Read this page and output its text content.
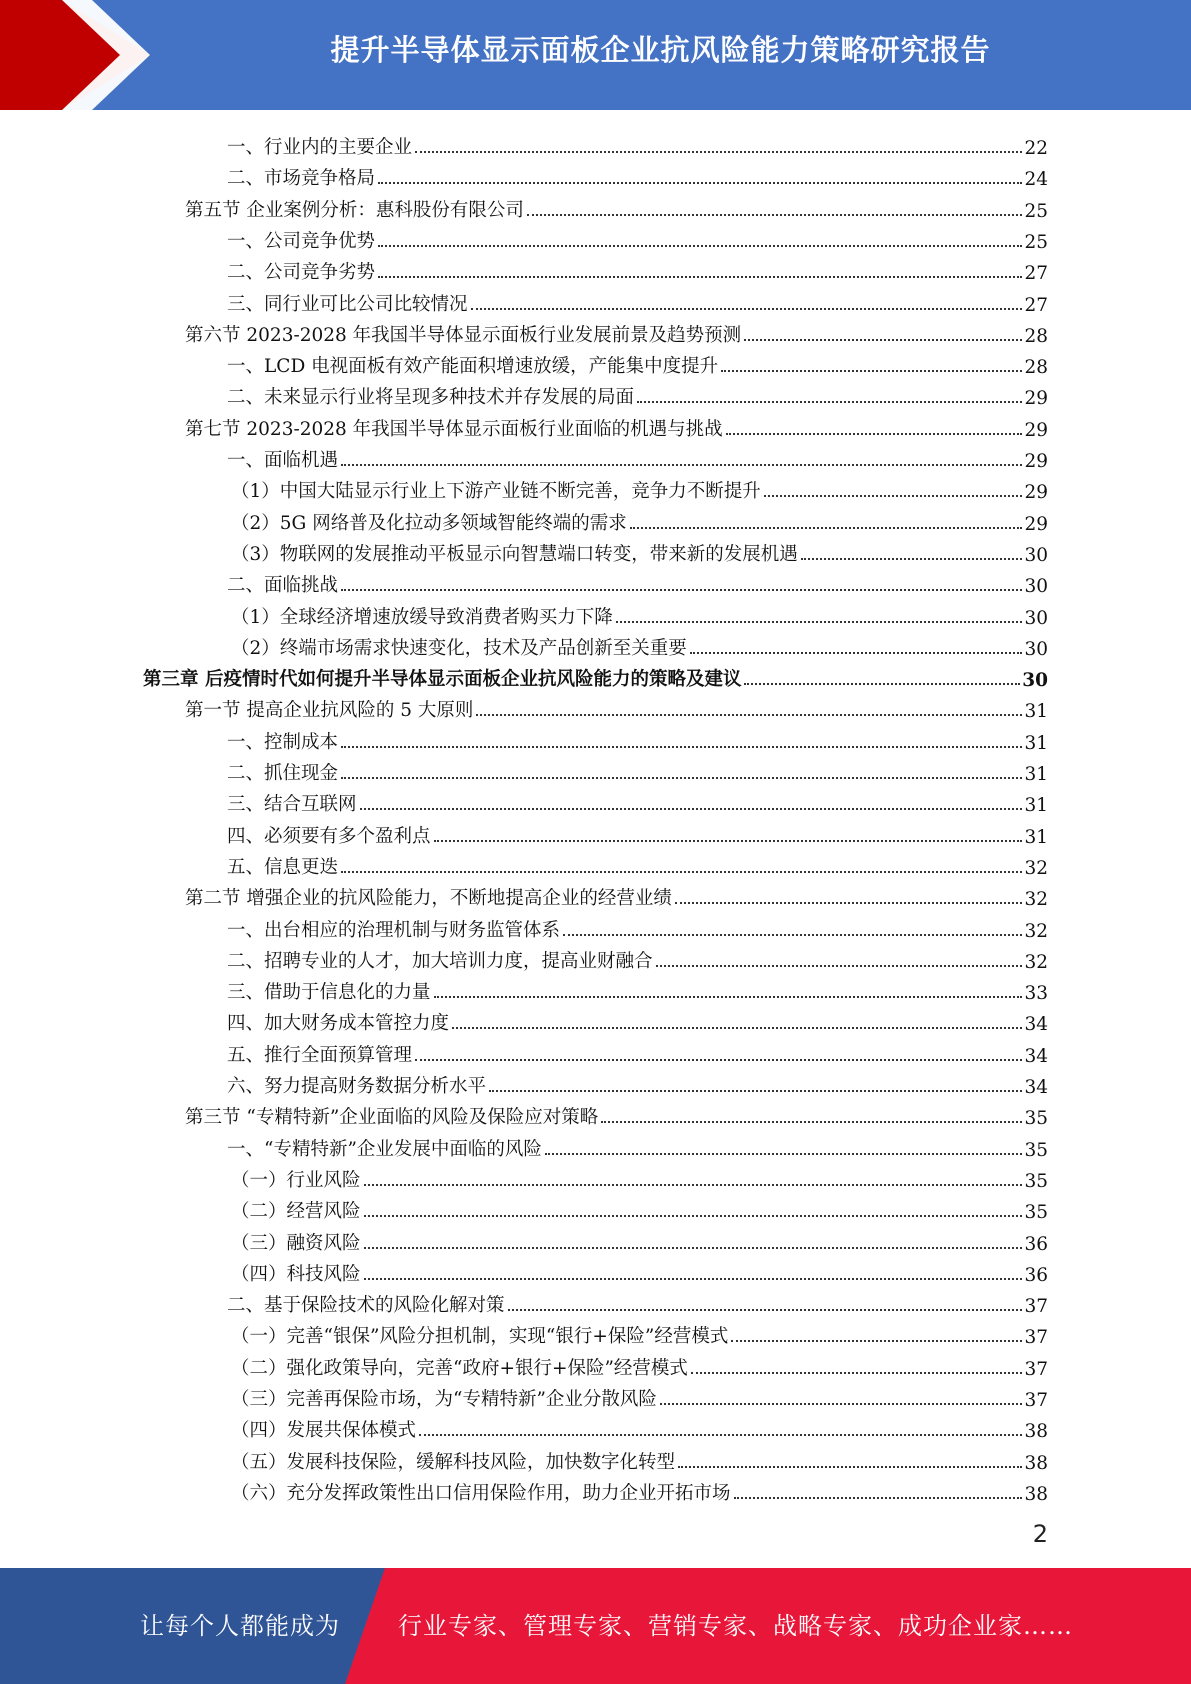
提升半导体显示面板企业抗风险能力策略研究报告
一、行业内的主要企业	22
二、市场竞争格局	24
第五节 企业案例分析：惠科股份有限公司	25
一、公司竞争优势	25
二、公司竞争劣势	27
三、同行业可比公司比较情况	27
第六节 2023-2028 年我国半导体显示面板行业发展前景及趋势预测	28
一、LCD 电视面板有效产能面积增速放缓，产能集中度提升	28
二、未来显示行业将呈现多种技术并存发展的局面	29
第七节 2023-2028 年我国半导体显示面板行业面临的机遇与挑战	29
一、面临机遇	29
（1）中国大陆显示行业上下游产业链不断完善，竞争力不断提升	29
（2）5G 网络普及化拉动多领域智能终端的需求	29
（3）物联网的发展推动平板显示向智慧端口转变，带来新的发展机遇	30
二、面临挑战	30
（1）全球经济增速放缓导致消费者购买力下降	30
（2）终端市场需求快速变化，技术及产品创新至关重要	30
第三章 后疫情时代如何提升半导体显示面板企业抗风险能力的策略及建议	30
第一节 提高企业抗风险的 5 大原则	31
一、控制成本	31
二、抓住现金	31
三、结合互联网	31
四、必须要有多个盈利点	31
五、信息更迭	32
第二节 增强企业的抗风险能力，不断地提高企业的经营业绩	32
一、出台相应的治理机制与财务监管体系	32
二、招聘专业的人才，加大培训力度，提高业财融合	32
三、借助于信息化的力量	33
四、加大财务成本管控力度	34
五、推行全面预算管理	34
六、努力提高财务数据分析水平	34
第三节 “专精特新”企业面临的风险及保险应对策略	35
一、“专精特新”企业发展中面临的风险	35
（一）行业风险	35
（二）经营风险	35
（三）融资风险	36
（四）科技风险	36
二、基于保险技术的风险化解对策	37
（一）完善“银保”风险分担机制，实现“银行+保险”经营模式	37
（二）强化政策导向，完善“政府+银行+保险”经营模式	37
（三）完善再保险市场，为“专精特新”企业分散风险	37
（四）发展共保体模式	38
（五）发展科技保险，缓解科技风险，加快数字化转型	38
（六）充分发挥政策性出口信用保险作用，助力企业开拓市场	38
2
让每个人都能成为 行业专家、管理专家、营销专家、战略专家、成功企业家……
